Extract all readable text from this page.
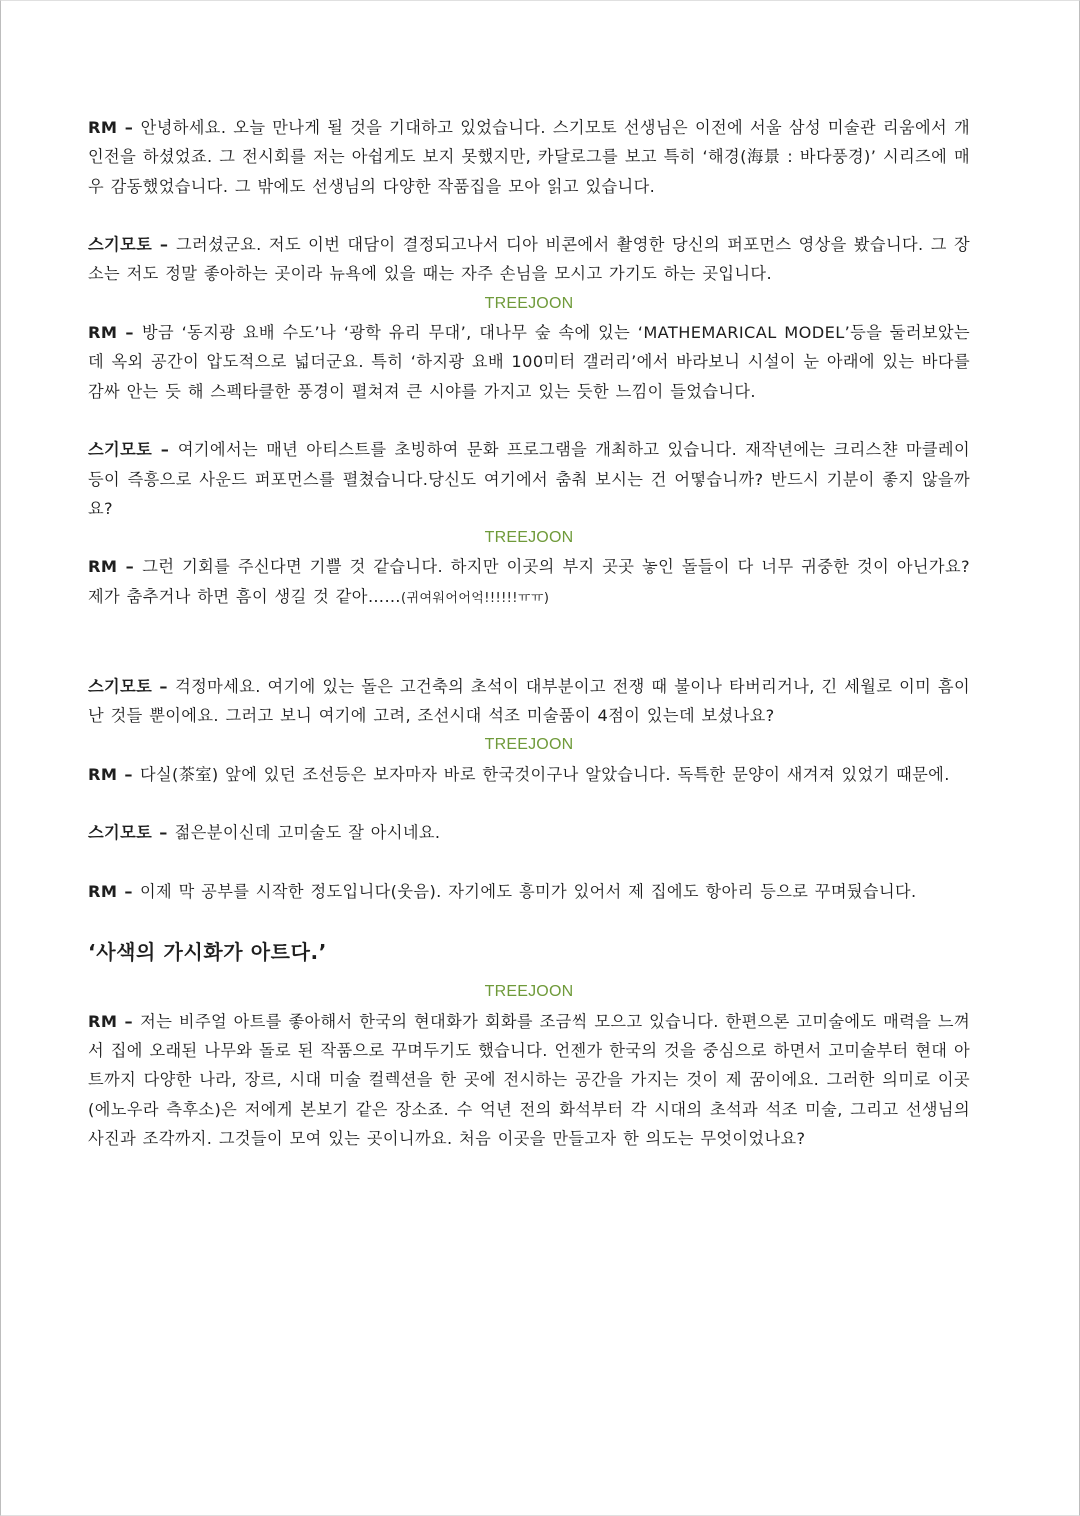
RM – 안녕하세요. 오늘 만나게 될 것을 기대하고 있었습니다. 스기모토 선생님은 이전에 서울 삼성 미술관 리움에서 개인전을 하셨었죠. 그 전시회를 저는 아쉽게도 보지 못했지만, 카달로그를 보고 특히 ‘해경(海景 : 바다풍경)’ 시리즈에 매우 감동했었습니다. 그 밖에도 선생님의 다양한 작품집을 모아 읽고 있습니다.

스기모토 – 그러셨군요. 저도 이번 대담이 결정되고나서 디아 비콘에서 촬영한 당신의 퍼포먼스 영상을 봤습니다. 그 장소는 저도 정말 좋아하는 곳이라 뉴욕에 있을 때는 자주 손님을 모시고 가기도 하는 곳입니다.

TREEJOON

RM – 방금 ‘동지광 요배 수도’나 ‘광학 유리 무대’, 대나무 숲 속에 있는 ‘MATHEMARICAL MODEL’등을 둘러보았는데 옥외 공간이 압도적으로 넓더군요. 특히 ‘하지광 요배 100미터 갤러리’에서 바라보니 시설이 눈 아래에 있는 바다를 감싸 안는 듯 해 스펙타클한 풍경이 펼쳐져 큰 시야를 가지고 있는 듯한 느낌이 들었습니다.

스기모토 – 여기에서는 매년 아티스트를 초빙하여 문화 프로그램을 개최하고 있습니다. 재작년에는 크리스챤 마클레이 등이 즉흥으로 사운드 퍼포먼스를 펼쳤습니다.당신도 여기에서 춤춰 보시는 건 어떻습니까? 반드시 기분이 좋지 않을까요?

TREEJOON

RM – 그런 기회를 주신다면 기쁠 것 같습니다. 하지만 이곳의 부지 곳곳 놓인 돌들이 다 너무 귀중한 것이 아닌가요? 제가 춤추거나 하면 흠이 생길 것 같아……(귀여워어어억!!!!!!ㅠㅠ)

스기모토 – 걱정마세요. 여기에 있는 돌은 고건축의 초석이 대부분이고 전쟁 때 불이나 타버리거나, 긴 세월로 이미 흠이 난 것들 뿐이에요. 그러고 보니 여기에 고려, 조선시대 석조 미술품이 4점이 있는데 보셨나요?

TREEJOON

RM – 다실(茶室) 앞에 있던 조선등은 보자마자 바로 한국것이구나 알았습니다. 독특한 문양이 새겨져 있었기 때문에.

스기모토 – 젊은분이신데 고미술도 잘 아시네요.

RM – 이제 막 공부를 시작한 정도입니다(웃음). 자기에도 흥미가 있어서 제 집에도 항아리 등으로 꾸며뒀습니다.

‘사색의 가시화가 아트다.’
TREEJOON

RM – 저는 비주얼 아트를 좋아해서 한국의 현대화가 회화를 조금씩 모으고 있습니다. 한편으론 고미술에도 매력을 느껴서 집에 오래된 나무와 돌로 된 작품으로 꾸며두기도 했습니다. 언젠가 한국의 것을 중심으로 하면서 고미술부터 현대 아트까지 다양한 나라, 장르, 시대 미술 컬렉션을 한 곳에 전시하는 공간을 가지는 것이 제 꿈이에요. 그러한 의미로 이곳(에노우라 측후소)은 저에게 본보기 같은 장소죠. 수 억년 전의 화석부터 각 시대의 초석과 석조 미술, 그리고 선생님의 사진과 조각까지. 그것들이 모여 있는 곳이니까요. 처음 이곳을 만들고자 한 의도는 무엇이었나요?
